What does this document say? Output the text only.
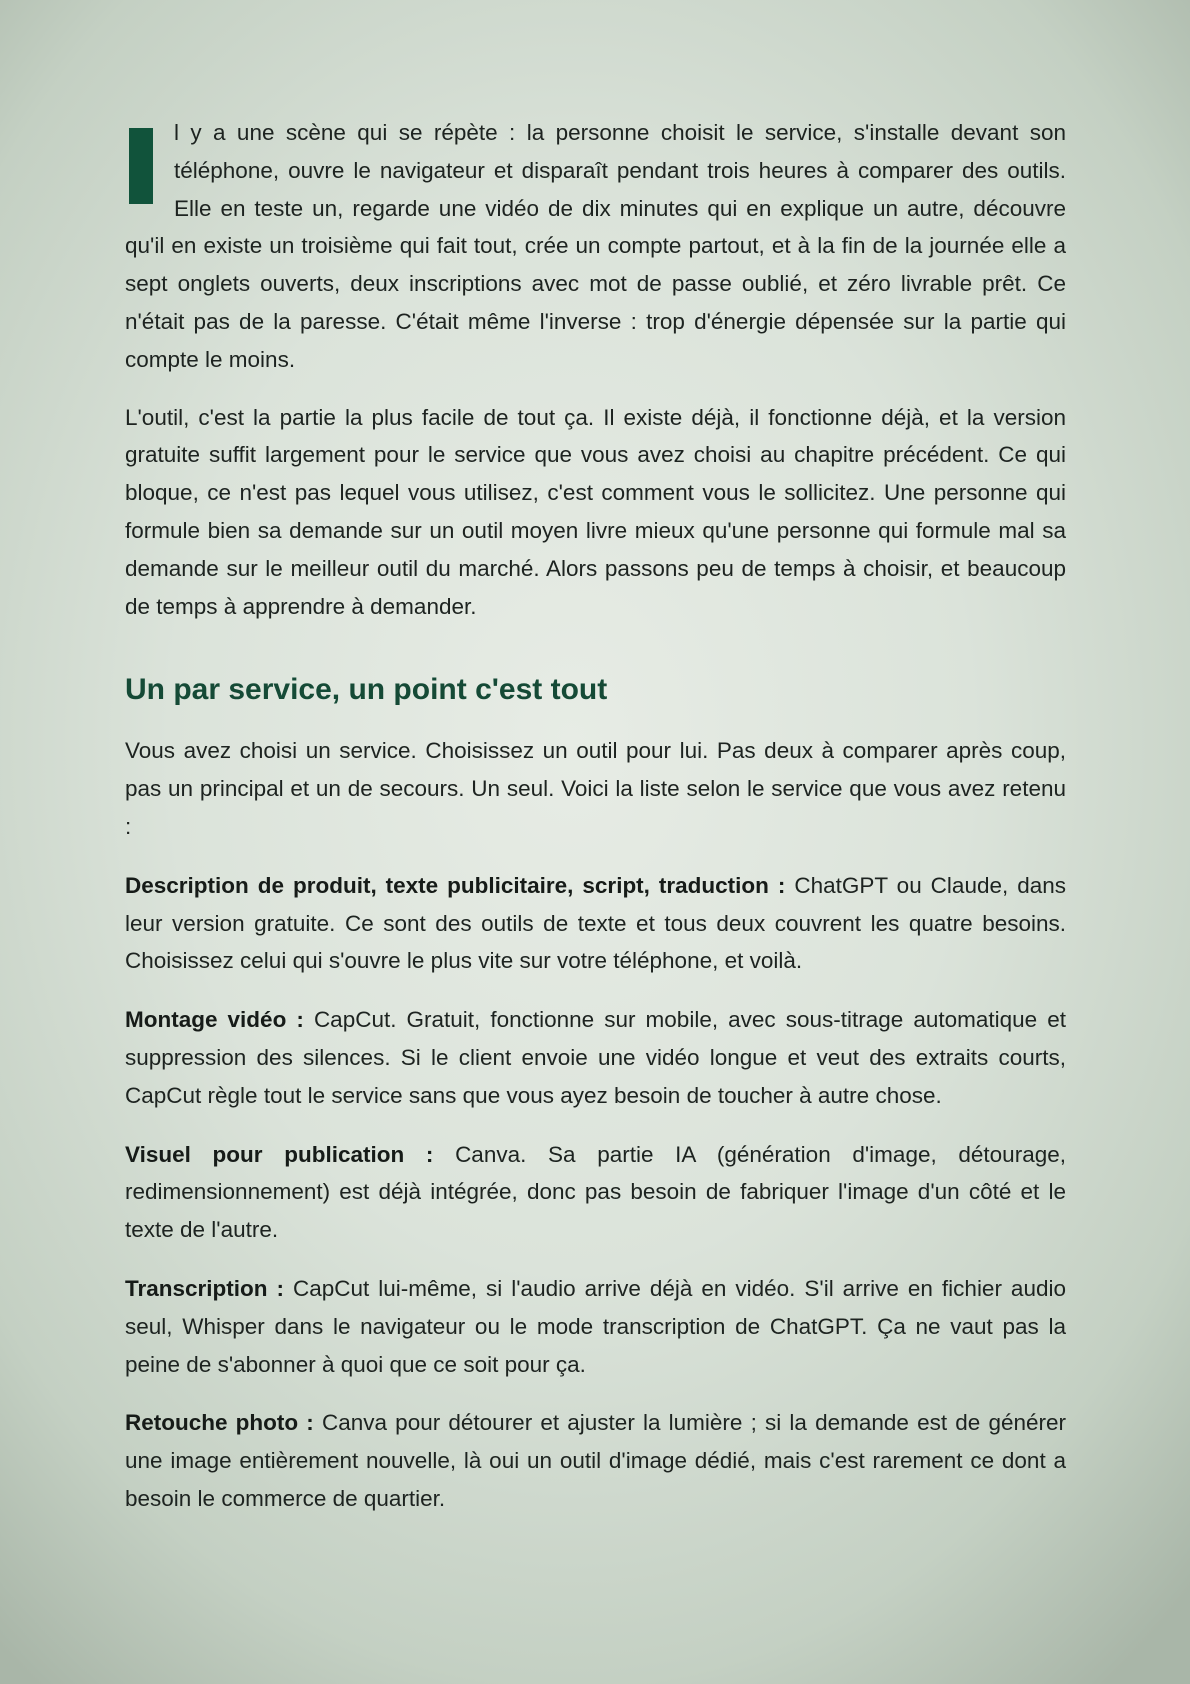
I
l y a une scène qui se répète : la personne choisit le service, s'installe devant son téléphone, ouvre le navigateur et disparaît pendant trois heures à comparer des outils. Elle en teste un, regarde une vidéo de dix minutes qui en explique un autre, découvre qu'il en existe un troisième qui fait tout, crée un compte partout, et à la fin de la journée elle a sept onglets ouverts, deux inscriptions avec mot de passe oublié, et zéro livrable prêt. Ce n'était pas de la paresse. C'était même l'inverse : trop d'énergie dépensée sur la partie qui compte le moins.

L'outil, c'est la partie la plus facile de tout ça. Il existe déjà, il fonctionne déjà, et la version gratuite suffit largement pour le service que vous avez choisi au chapitre précédent. Ce qui bloque, ce n'est pas lequel vous utilisez, c'est comment vous le sollicitez. Une personne qui formule bien sa demande sur un outil moyen livre mieux qu'une personne qui formule mal sa demande sur le meilleur outil du marché. Alors passons peu de temps à choisir, et beaucoup de temps à apprendre à demander.

Un par service, un point c'est tout

Vous avez choisi un service. Choisissez un outil pour lui. Pas deux à comparer après coup, pas un principal et un de secours. Un seul. Voici la liste selon le service que vous avez retenu :

Description de produit, texte publicitaire, script, traduction : ChatGPT ou Claude, dans leur version gratuite. Ce sont des outils de texte et tous deux couvrent les quatre besoins. Choisissez celui qui s'ouvre le plus vite sur votre téléphone, et voilà.

Montage vidéo : CapCut. Gratuit, fonctionne sur mobile, avec sous-titrage automatique et suppression des silences. Si le client envoie une vidéo longue et veut des extraits courts, CapCut règle tout le service sans que vous ayez besoin de toucher à autre chose.

Visuel pour publication : Canva. Sa partie IA (génération d'image, détourage, redimensionnement) est déjà intégrée, donc pas besoin de fabriquer l'image d'un côté et le texte de l'autre.

Transcription : CapCut lui-même, si l'audio arrive déjà en vidéo. S'il arrive en fichier audio seul, Whisper dans le navigateur ou le mode transcription de ChatGPT. Ça ne vaut pas la peine de s'abonner à quoi que ce soit pour ça.

Retouche photo : Canva pour détourer et ajuster la lumière ; si la demande est de générer une image entièrement nouvelle, là oui un outil d'image dédié, mais c'est rarement ce dont a besoin le commerce de quartier.
